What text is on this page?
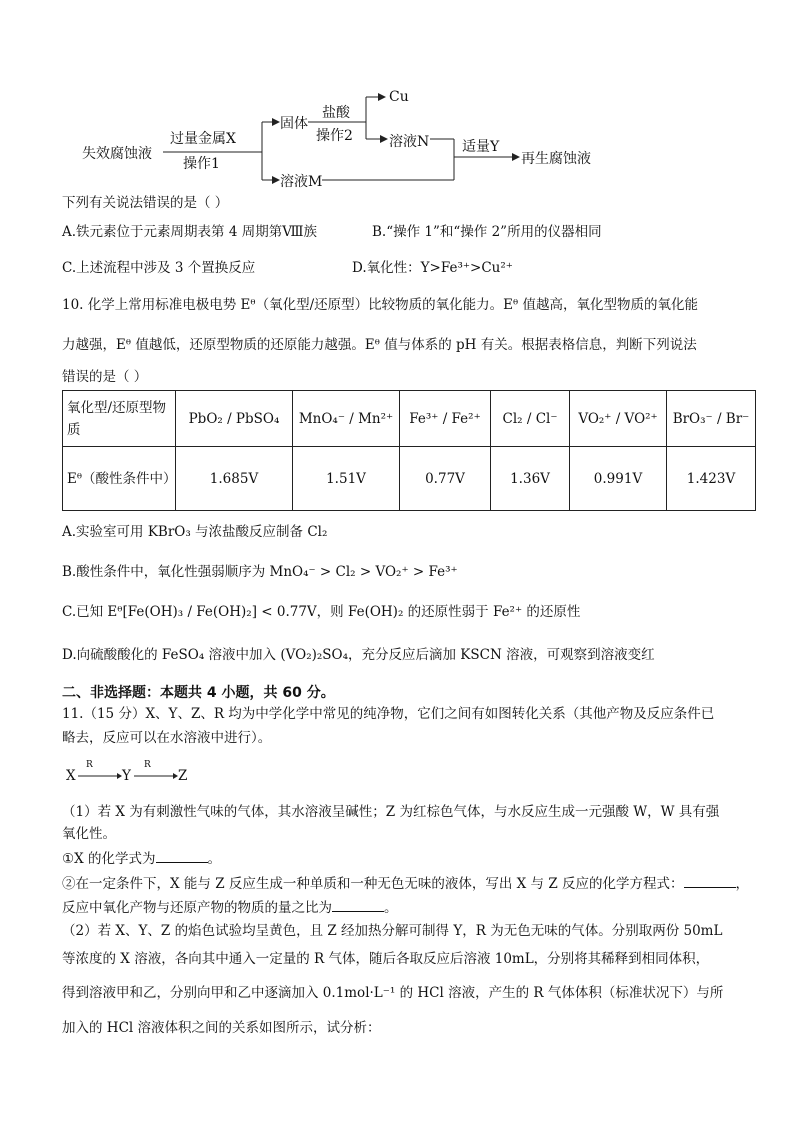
失效腐蚀液
过量金属X
操作1
固体
盐酸
操作2
Cu
溶液N
溶液M
适量Y
再生腐蚀液
下列有关说法错误的是（ ）
A.铁元素位于元素周期表第 4 周期第Ⅷ族	B.“操作 1”和“操作 2”所用的仪器相同
C.上述流程中涉及 3 个置换反应	D.氧化性：Y>Fe³⁺>Cu²⁺
10. 化学上常用标准电极电势 Eᶿ（氧化型/还原型）比较物质的氧化能力。Eᶿ 值越高，氧化型物质的氧化能
力越强，Eᶿ 值越低，还原型物质的还原能力越强。Eᶿ 值与体系的 pH 有关。根据表格信息，判断下列说法
错误的是（ ）
氧化型/还原型物质	PbO₂ / PbSO₄	MnO₄⁻ / Mn²⁺	Fe³⁺ / Fe²⁺	Cl₂ / Cl⁻	VO₂⁺ / VO²⁺	BrO₃⁻ / Br⁻
Eᶿ（酸性条件中）	1.685V	1.51V	0.77V	1.36V	0.991V	1.423V
A.实验室可用 KBrO₃ 与浓盐酸反应制备 Cl₂
B.酸性条件中，氧化性强弱顺序为 MnO₄⁻ > Cl₂ > VO₂⁺ > Fe³⁺
C.已知 Eᶿ[Fe(OH)₃ / Fe(OH)₂] < 0.77V，则 Fe(OH)₂ 的还原性弱于 Fe²⁺ 的还原性
D.向硫酸酸化的 FeSO₄ 溶液中加入 (VO₂)₂SO₄，充分反应后滴加 KSCN 溶液，可观察到溶液变红
二、非选择题：本题共 4 小题，共 60 分。
11.（15 分）X、Y、Z、R 均为中学化学中常见的纯净物，它们之间有如图转化关系（其他产物及反应条件已
略去，反应可以在水溶液中进行）。
X
R
Y
R
Z
（1）若 X 为有刺激性气味的气体，其水溶液呈碱性；Z 为红棕色气体，与水反应生成一元强酸 W，W 具有强
氧化性。
①X 的化学式为	。
②在一定条件下，X 能与 Z 反应生成一种单质和一种无色无味的液体，写出 X 与 Z 反应的化学方程式：	，
反应中氧化产物与还原产物的物质的量之比为	。
（2）若 X、Y、Z 的焰色试验均呈黄色，且 Z 经加热分解可制得 Y，R 为无色无味的气体。分别取两份 50mL
等浓度的 X 溶液，各向其中通入一定量的 R 气体，随后各取反应后溶液 10mL，分别将其稀释到相同体积，
得到溶液甲和乙，分别向甲和乙中逐滴加入 0.1mol·L⁻¹ 的 HCl 溶液，产生的 R 气体体积（标准状况下）与所
加入的 HCl 溶液体积之间的关系如图所示，试分析：
